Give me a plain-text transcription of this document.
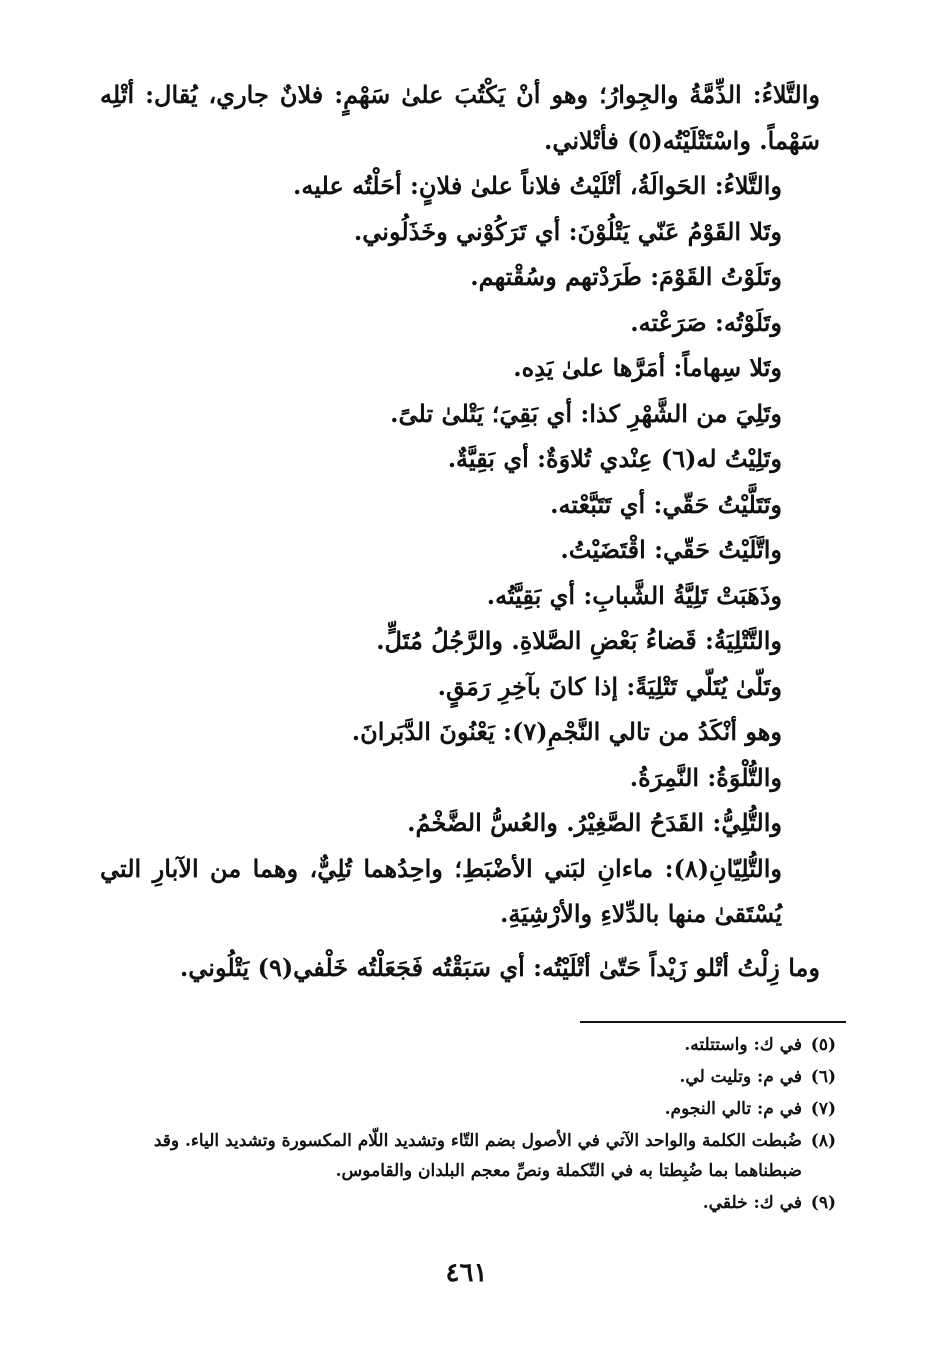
والتَّلاءُ: الذِّمَّةُ والجِوارُ؛ وهو أنْ يَكْتُبَ علىٰ سَهْمٍ: فلانٌ جاري، يُقال: أتْلِه سَهْماً. واسْتَتْلَيْتُه(٥) فأتْلاني.

والتَّلاءُ: الحَوالَةُ، أتْلَيْتُ فلاناً علىٰ فلانٍ: أحَلْتُه عليه.

وتَلا القَوْمُ عَنّي يَتْلُوْنَ: أي تَرَكُوْني وخَذَلُوني.

وتَلَوْتُ القَوْمَ: طَرَدْتهم وسُقْتهم.

وتَلَوْتُه: صَرَعْته.

وتَلا سِهاماً: أمَرَّها علىٰ يَدِه.

وتَلِيَ من الشَّهْرِ كذا: أي بَقِيَ؛ يَتْلىٰ تلىً.

وتَلِيْتُ له(٦) عِنْدي تُلاوَةٌ: أي بَقِيَّةٌ.

وتَتَلَّيْتُ حَقّي: أي تَتَبَّعْته.

واتَّلَيْتُ حَقّي: اقْتَضَيْتُ.

وذَهَبَتْ تَلِيَّةُ الشَّبابِ: أي بَقِيَّتُه.

والتَّتْلِيَةُ: قَضاءُ بَعْضِ الصَّلاةِ. والرَّجُلُ مُتَلٍّ.

وتَلّىٰ يُتَلّي تَتْلِيَةً: إذا كانَ بآخِرِ رَمَقٍ.

وهو أنْكَدُ من تالي النَّجْمِ(٧): يَعْنُونَ الدَّبَرانَ.

والتُّلْوَةُ: النَّمِرَةُ.

والتُّلِيُّ: القَدَحُ الصَّغِيْرُ. والعُسُّ الضَّخْمُ.

والتُّلِيّانِ(٨): ماءانِ لبَني الأضْبَطِ؛ واحِدُهما تُلِيٌّ، وهما من الآبارِ التي يُسْتَقىٰ منها بالدِّلاءِ والأرْشِيَةِ.

وما زِلْتُ أتْلو زَيْداً حَتّىٰ أتْلَيْتُه: أي سَبَقْتُه فَجَعَلْتُه خَلْفي(٩) يَتْلُوني.

(٥)
في ك: واستتلته.
(٦)
في م: وتليت لي.
(٧)
في م: تالي النجوم.
(٨)
ضُبطت الكلمة والواحد الآتي في الأصول بضم التّاء وتشديد اللّام المكسورة وتشديد الياء. وقد ضبطناهما بما ضُبِطتا به في التّكملة ونصِّ معجم البلدان والقاموس.
(٩)
في ك: خلقي.
٤٦١
